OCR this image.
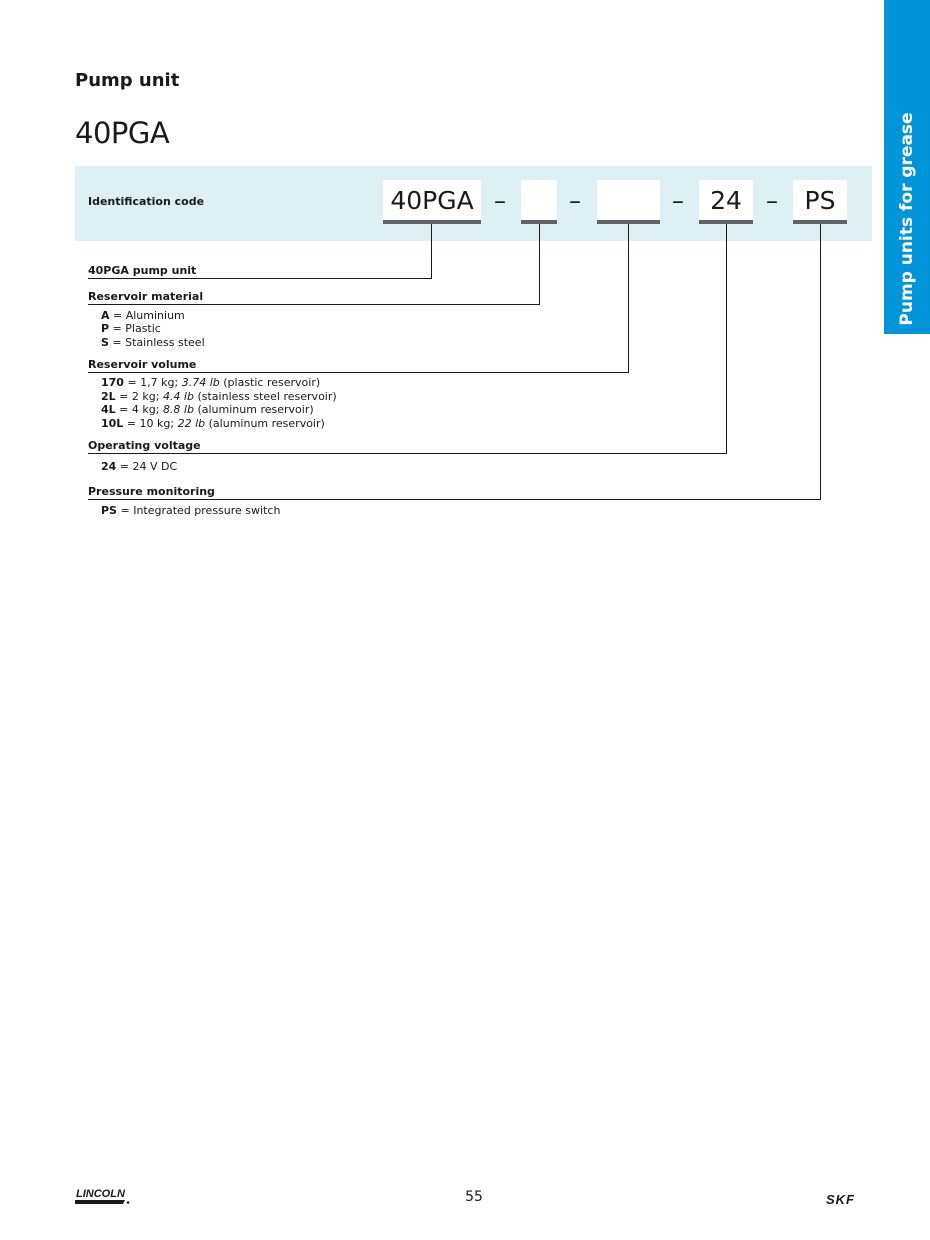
Pump units for grease
Pump unit
40PGA
Identification code	40PGA –	–	–	24	–	PS
40PGA pump unit
Reservoir material
A = Aluminium
P = Plastic
S = Stainless steel
Reservoir volume
170 = 1,7 kg; 3.74 lb (plastic reservoir)
2L = 2 kg; 4.4 lb (stainless steel reservoir)
4L = 4 kg; 8.8 lb (aluminum reservoir)
10L = 10 kg; 22 lb (aluminum reservoir)
Operating voltage
24 = 24 V DC
Pressure monitoring
PS = Integrated pressure switch
LINCOLN	55	SKF
